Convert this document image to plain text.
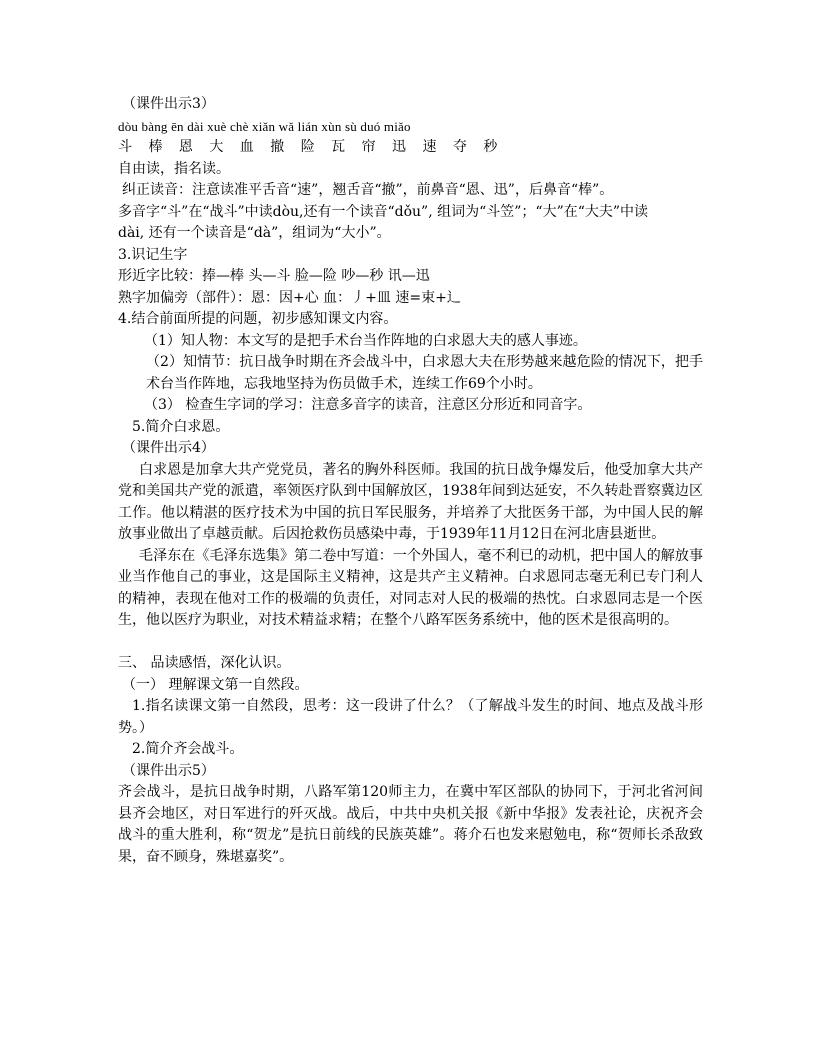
（课件出示3）
dòu bàng ēn dài xuè chè xiǎn wǎ lián xùn sù duó miǎo
斗 棒 恩 大 血 撤 险 瓦 帘 迅 速 夺 秒
自由读，指名读。
纠正读音：注意读准平舌音“速”，翘舌音“撤”，前鼻音“恩、迅”，后鼻音“棒”。
多音字“斗”在“战斗”中读dòu,还有一个读音“dǒu”, 组词为“斗笠”；“大”在“大夫”中读
dài, 还有一个读音是“dà”，组词为“大小”。
3.识记生字
形近字比较：捧—棒 头—斗 脸—险 吵—秒 讯—迅
熟字加偏旁（部件）：恩：因+心 血：丿+皿 速=束+辶
4.结合前面所提的问题，初步感知课文内容。
（1）知人物：本文写的是把手术台当作阵地的白求恩大夫的感人事迹。

（2）知情节：抗日战争时期在齐会战斗中，白求恩大夫在形势越来越危险的情况下，把手术台当作阵地，忘我地坚持为伤员做手术，连续工作69个小时。

（3） 检查生字词的学习：注意多音字的读音，注意区分形近和同音字。
5.简介白求恩。
（课件出示4）

白求恩是加拿大共产党党员，著名的胸外科医师。我国的抗日战争爆发后，他受加拿大共产党和美国共产党的派遣，率领医疗队到中国解放区，1938年间到达延安，不久转赴晋察冀边区工作。他以精湛的医疗技术为中国的抗日军民服务，并培养了大批医务干部，为中国人民的解放事业做出了卓越贡献。后因抢救伤员感染中毒，于1939年11月12日在河北唐县逝世。

毛泽东在《毛泽东选集》第二卷中写道：一个外国人，毫不利已的动机，把中国人的解放事业当作他自己的事业，这是国际主义精神，这是共产主义精神。白求恩同志毫无利已专门利人的精神，表现在他对工作的极端的负责任，对同志对人民的极端的热忱。白求恩同志是一个医生，他以医疗为职业，对技术精益求精；在整个八路军医务系统中，他的医术是很高明的。

三、 品读感悟，深化认识。
（一） 理解课文第一自然段。

1.指名读课文第一自然段，思考：这一段讲了什么？（了解战斗发生的时间、地点及战斗形势。）

2.简介齐会战斗。
（课件出示5）

齐会战斗，是抗日战争时期，八路军第120师主力，在冀中军区部队的协同下，于河北省河间县齐会地区，对日军进行的歼灭战。战后，中共中央机关报《新中华报》发表社论，庆祝齐会战斗的重大胜利，称“贺龙”是抗日前线的民族英雄”。蒋介石也发来慰勉电，称“贺师长杀敌致果，奋不顾身，殊堪嘉奖”。
